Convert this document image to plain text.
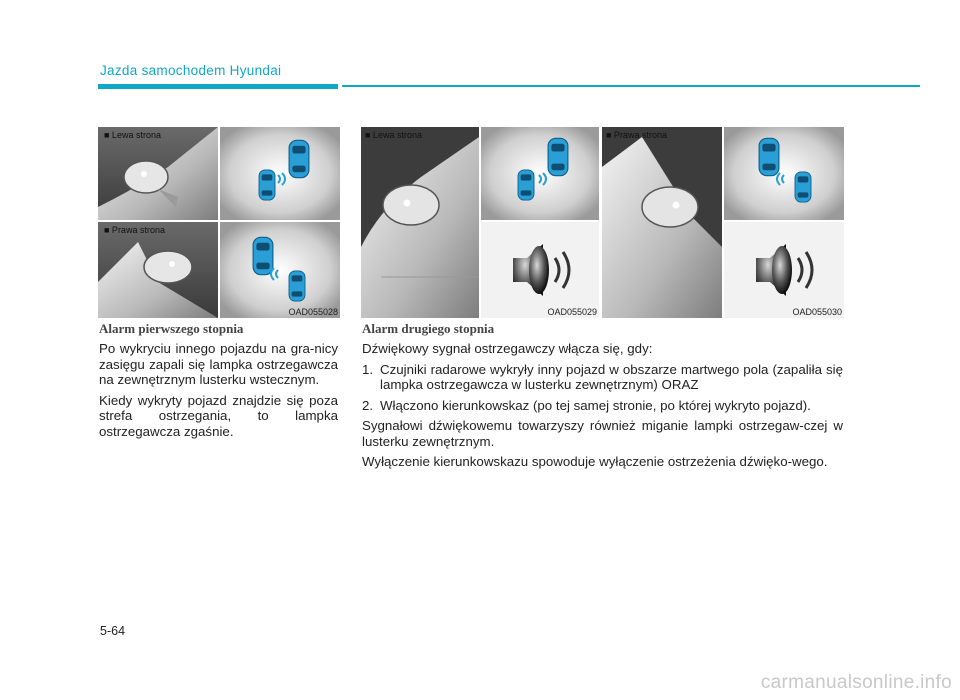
Jazda samochodem Hyundai
■ Lewa strona
■ Prawa strona
OAD055028
■ Lewa strona
OAD055029
■ Prawa strona
OAD055030
Alarm pierwszego stopnia

Po wykryciu innego pojazdu na gra-nicy zasięgu zapali się lampka ostrzegawcza na zewnętrznym lusterku wstecznym.

Kiedy wykryty pojazd znajdzie się poza strefa ostrzegania, to lampka ostrzegawcza zgaśnie.

Alarm drugiego stopnia

Dźwiękowy sygnał ostrzegawczy włącza się, gdy:

1. Czujniki radarowe wykryły inny pojazd w obszarze martwego pola (zapaliła się lampka ostrzegawcza w lusterku zewnętrznym) ORAZ

2. Włączono kierunkowskaz (po tej samej stronie, po której wykryto pojazd).

Sygnałowi dźwiękowemu towarzyszy również miganie lampki ostrzegaw-czej w lusterku zewnętrznym.

Wyłączenie kierunkowskazu spowoduje wyłączenie ostrzeżenia dźwięko-wego.

5-64
carmanualsonline.info
